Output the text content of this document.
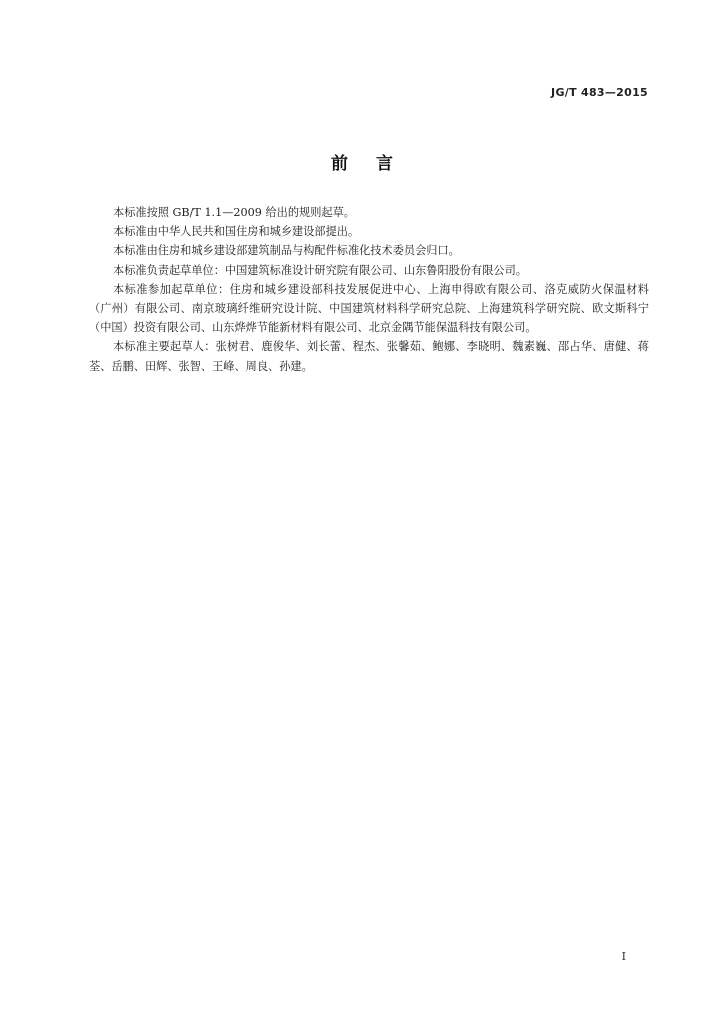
JG/T 483—2015
前言

本标准按照 GB/T 1.1—2009 给出的规则起草。

本标准由中华人民共和国住房和城乡建设部提出。

本标准由住房和城乡建设部建筑制品与构配件标准化技术委员会归口。

本标准负责起草单位：中国建筑标准设计研究院有限公司、山东鲁阳股份有限公司。

本标准参加起草单位：住房和城乡建设部科技发展促进中心、上海申得欧有限公司、洛克威防火保温材料（广州）有限公司、南京玻璃纤维研究设计院、中国建筑材料科学研究总院、上海建筑科学研究院、欧文斯科宁（中国）投资有限公司、山东烨烨节能新材料有限公司、北京金隅节能保温科技有限公司。

本标准主要起草人：张树君、鹿俊华、刘长蕾、程杰、张馨茹、鲍娜、李晓明、魏素巍、邵占华、唐健、蒋荃、岳鹏、田辉、张智、王峰、周良、孙建。

I
